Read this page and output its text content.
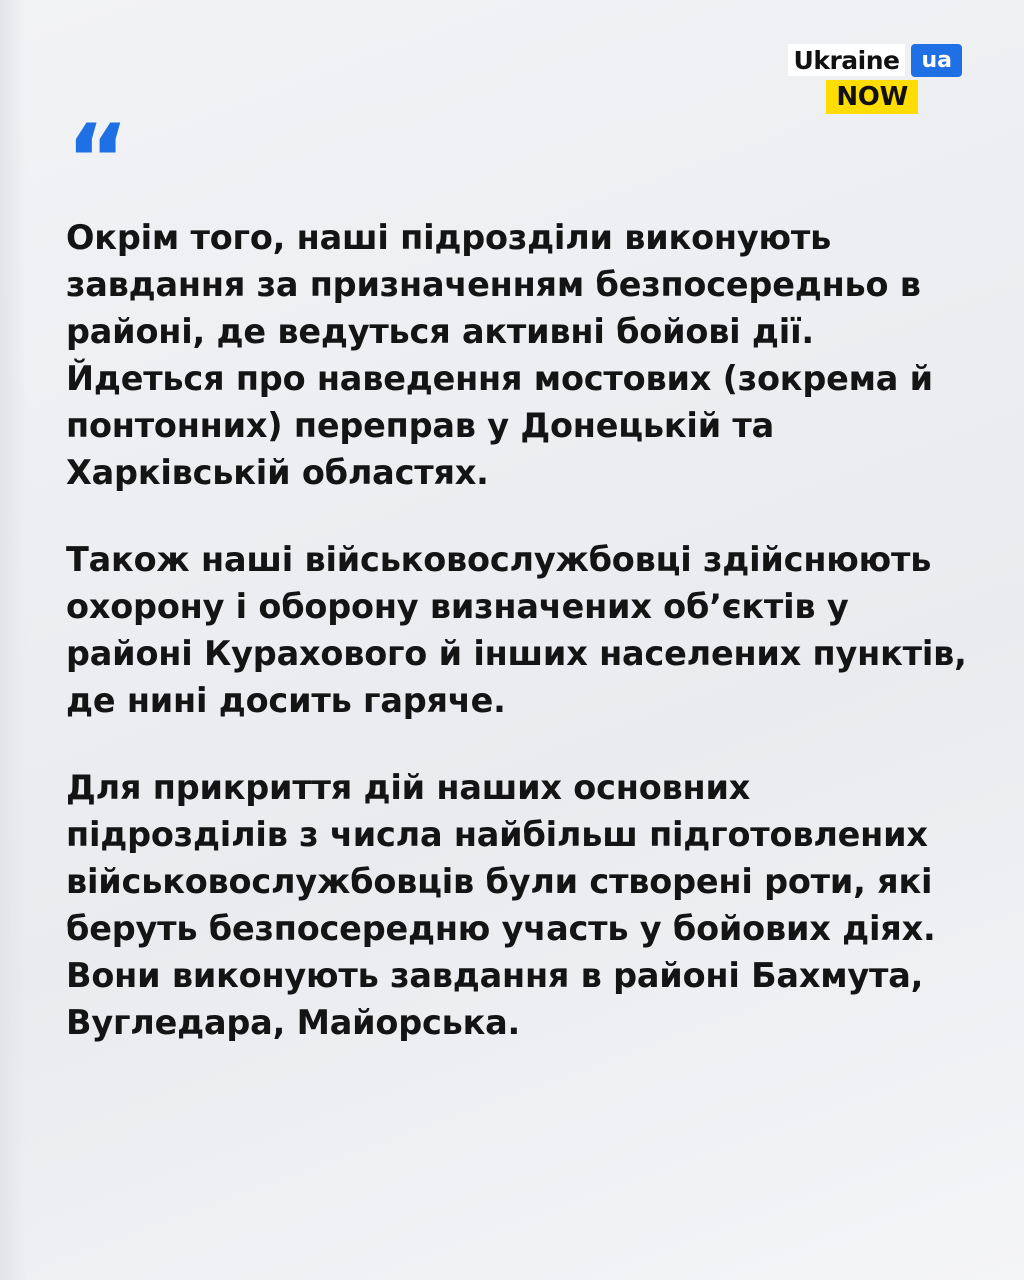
Ukraine	ua
NOW
“

Окрім того, наші підрозділи виконують завдання за призначенням безпосередньо в районі, де ведуться активні бойові дії. Йдеться про наведення мостових (зокрема й понтонних) переправ у Донецькій та Харківській областях.

Також наші військовослужбовці здійснюють охорону і оборону визначених об’єктів у районі Курахового й інших населених пунктів, де нині досить гаряче.

Для прикриття дій наших основних підрозділів з числа найбільш підготовлених військовослужбовців були створені роти, які беруть безпосередню участь у бойових діях. Вони виконують завдання в районі Бахмута, Вугледара, Майорська.
